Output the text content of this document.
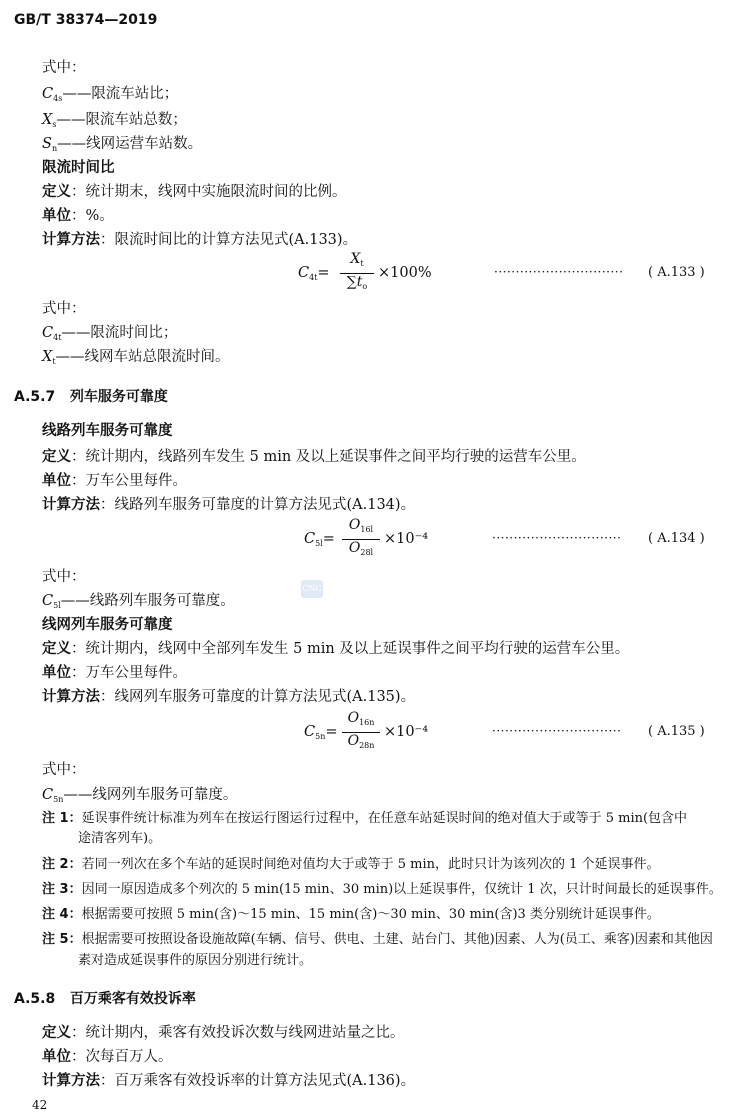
GB/T 38374—2019
式中：
$C_{4s}——$限流车站比；
$X_s——$限流车站总数；
$S_n——$线网运营车站数。
限流时间比
定义：统计期末，线网中实施限流时间的比例。
单位：%。
计算方法：限流时间比的计算方法见式(A.133)。
$C_{4t}=$
$X_t$
$\sum t_o$
×100%	······························ ( A.133 )
式中：
$C_{4t}——$限流时间比；
$X_t——$线网车站总限流时间。
A.5.7 列车服务可靠度
线路列车服务可靠度
定义：统计期内，线路列车发生 5 min 及以上延误事件之间平均行驶的运营车公里。
单位：万车公里每件。
计算方法：线路列车服务可靠度的计算方法见式(A.134)。
$C_{5l}=$
$O_{16l}$
$O_{28l}$
×10⁻⁴	······························ ( A.134 )
CNC
式中：
$C_{5l}——$线路列车服务可靠度。
线网列车服务可靠度
定义：统计期内，线网中全部列车发生 5 min 及以上延误事件之间平均行驶的运营车公里。
单位：万车公里每件。
计算方法：线网列车服务可靠度的计算方法见式(A.135)。
$C_{5n}=$
$O_{16n}$
$O_{28n}$
×10⁻⁴	······························ ( A.135 )
式中：
$C_{5n}——$线网列车服务可靠度。
注 1：延误事件统计标准为列车在按运行图运行过程中，在任意车站延误时间的绝对值大于或等于 5 min(包含中
途清客列车)。
注 2：若同一列次在多个车站的延误时间绝对值均大于或等于 5 min，此时只计为该列次的 1 个延误事件。
注 3：因同一原因造成多个列次的 5 min(15 min、30 min)以上延误事件，仅统计 1 次，只计时间最长的延误事件。
注 4：根据需要可按照 5 min(含)～15 min、15 min(含)～30 min、30 min(含)3 类分别统计延误事件。
注 5：根据需要可按照设备设施故障(车辆、信号、供电、土建、站台门、其他)因素、人为(员工、乘客)因素和其他因
素对造成延误事件的原因分别进行统计。
A.5.8 百万乘客有效投诉率
定义：统计期内，乘客有效投诉次数与线网进站量之比。
单位：次每百万人。
计算方法：百万乘客有效投诉率的计算方法见式(A.136)。
42
